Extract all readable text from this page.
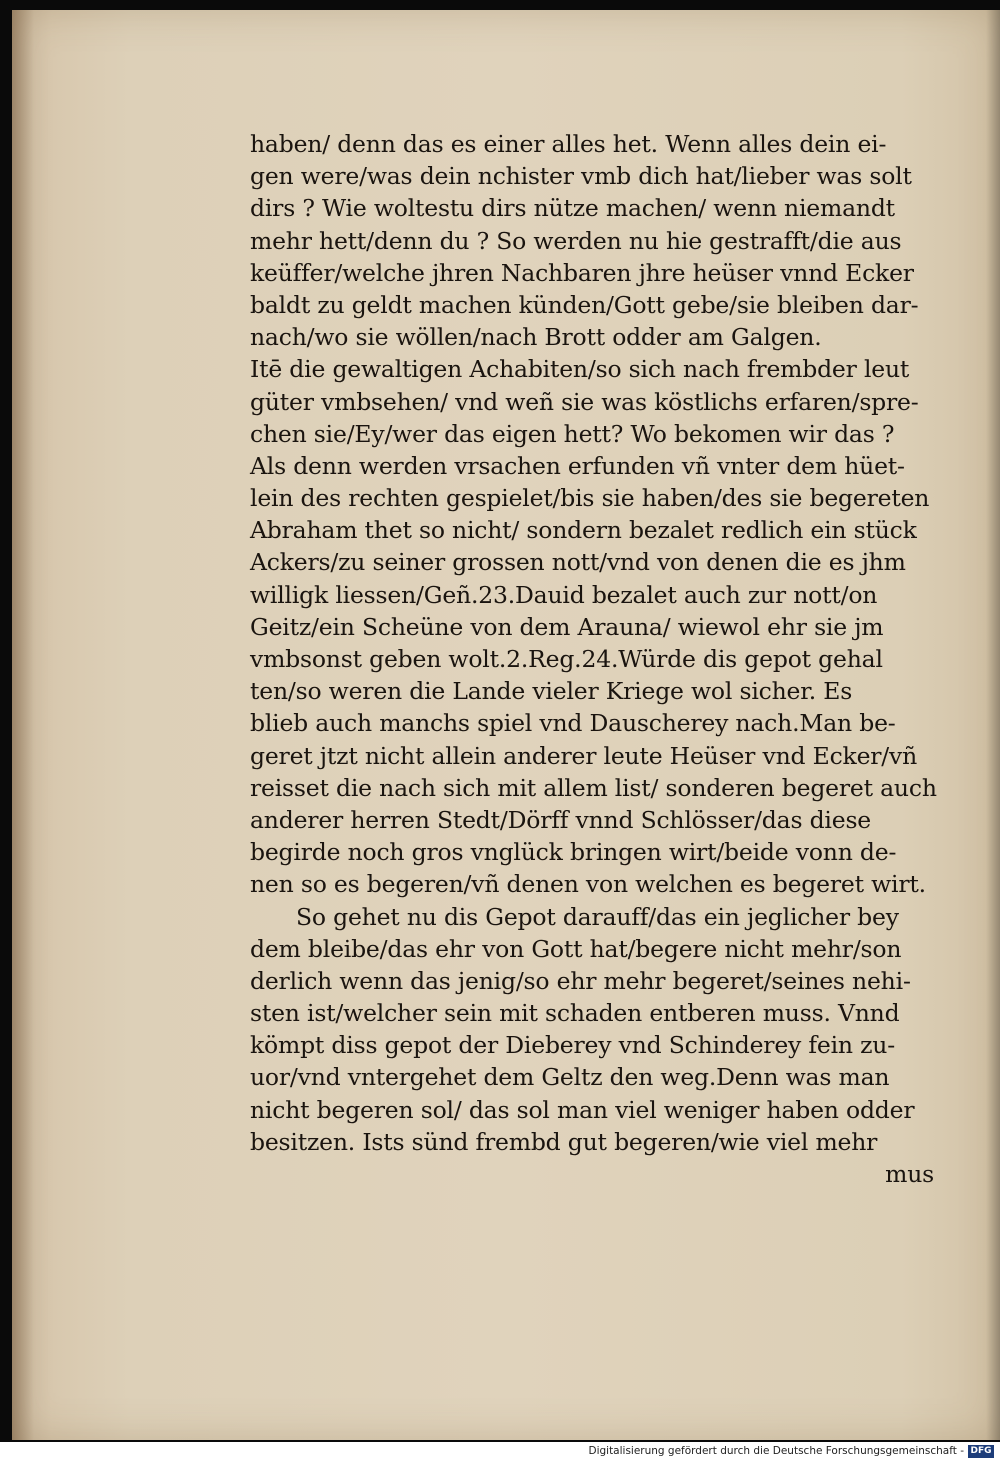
haben/ denn das es einer alles het. Wenn alles dein ei-
gen were/was dein nchister vmb dich hat/lieber was solt
dirs ? Wie woltestu dirs nütze machen/ wenn niemandt
mehr hett/denn du ? So werden nu hie gestrafft/die aus
keüffer/welche jhren Nachbaren jhre heüser vnnd Ecker
baldt zu geldt machen künden/Gott gebe/sie bleiben dar-
nach/wo sie wöllen/nach Brott odder am Galgen.
Itē die gewaltigen Achabiten/so sich nach frembder leut
güter vmbsehen/ vnd weñ sie was köstlichs erfaren/spre-
chen sie/Ey/wer das eigen hett? Wo bekomen wir das ?
Als denn werden vrsachen erfunden vñ vnter dem hüet-
lein des rechten gespielet/bis sie haben/des sie begereten
Abraham thet so nicht/ sondern bezalet redlich ein stück
Ackers/zu seiner grossen nott/vnd von denen die es jhm
willigk liessen/Geñ.23.Dauid bezalet auch zur nott/on
Geitz/ein Scheüne von dem Arauna/ wiewol ehr sie jm
vmbsonst geben wolt.2.Reg.24.Würde dis gepot gehal
ten/so weren die Lande vieler Kriege wol sicher. Es
blieb auch manchs spiel vnd Dauscherey nach.Man be-
geret jtzt nicht allein anderer leute Heüser vnd Ecker/vñ
reisset die nach sich mit allem list/ sonderen begeret auch
anderer herren Stedt/Dörff vnnd Schlösser/das diese
begirde noch gros vnglück bringen wirt/beide vonn de-
nen so es begeren/vñ denen von welchen es begeret wirt.
So gehet nu dis Gepot darauff/das ein jeglicher bey
dem bleibe/das ehr von Gott hat/begere nicht mehr/son
derlich wenn das jenig/so ehr mehr begeret/seines nehi-
sten ist/welcher sein mit schaden entberen muss. Vnnd
kömpt diss gepot der Dieberey vnd Schinderey fein zu-
uor/vnd vntergehet dem Geltz den weg.Denn was man
nicht begeren sol/ das sol man viel weniger haben odder
besitzen. Ists sünd frembd gut begeren/wie viel mehr
mus
Digitalisierung gefördert durch die Deutsche Forschungsgemeinschaft - DFG
